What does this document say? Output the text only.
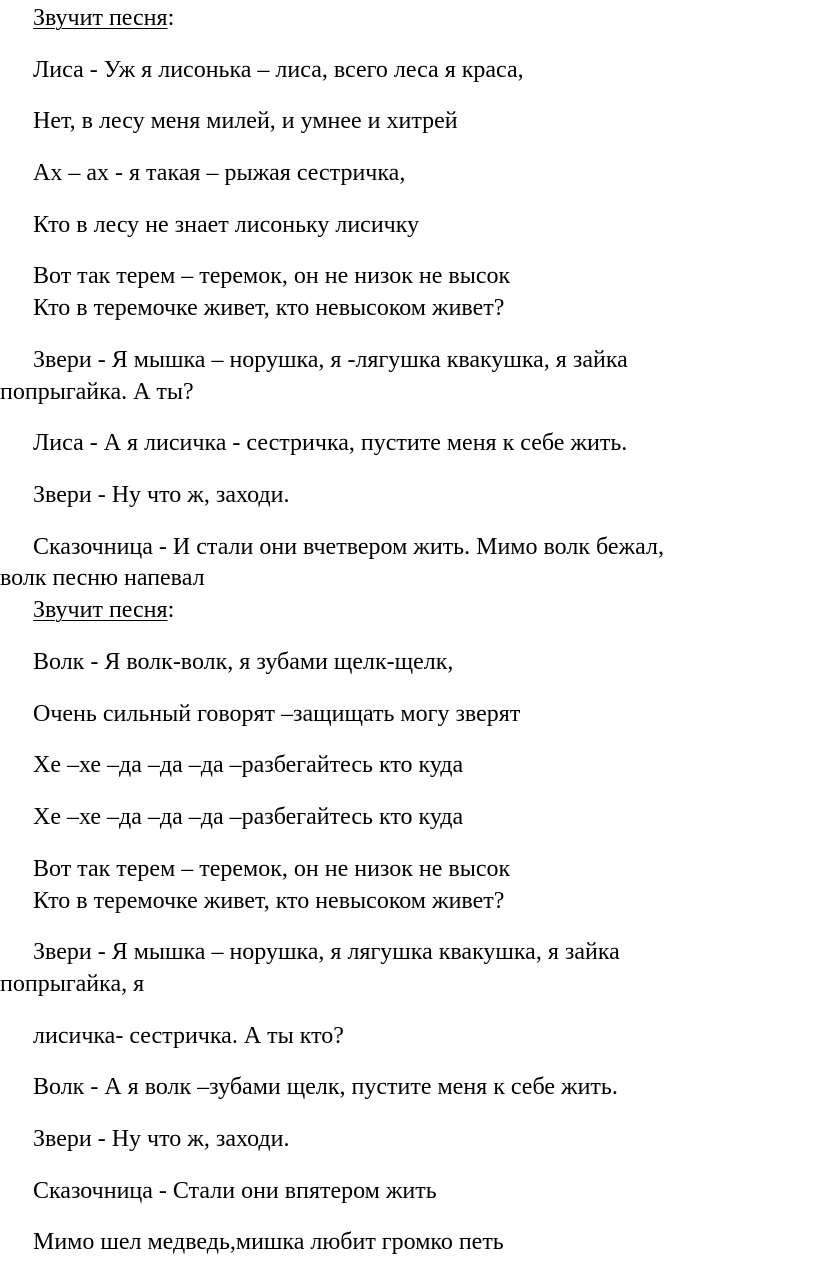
Звучит песня:
Лиса - Уж я лисонька – лиса, всего леса я краса,
Нет, в лесу меня милей, и умнее и хитрей
Ах – ах - я такая – рыжая сестричка,
Кто в лесу не знает лисоньку лисичку
Вот так терем – теремок, он не низок не высок
Кто в теремочке живет, кто невысоком живет?
Звери - Я мышка – норушка, я -лягушка квакушка, я зайка
попрыгайка. А ты?
Лиса - А я лисичка - сестричка, пустите меня к себе жить.
Звери - Ну что ж, заходи.
Сказочница - И стали они вчетвером жить. Мимо волк бежал,
волк песню напевал
Звучит песня:
Волк - Я волк-волк, я зубами щелк-щелк,
Очень сильный говорят –защищать могу зверят
Хе –хе –да –да –да –разбегайтесь кто куда
Хе –хе –да –да –да –разбегайтесь кто куда
Вот так терем – теремок, он не низок не высок
Кто в теремочке живет, кто невысоком живет?
Звери - Я мышка – норушка, я лягушка квакушка, я зайка
попрыгайка, я
лисичка- сестричка. А ты кто?
Волк - А я волк –зубами щелк, пустите меня к себе жить.
Звери - Ну что ж, заходи.
Сказочница - Стали они впятером жить
Мимо шел медведь,мишка любит громко петь
